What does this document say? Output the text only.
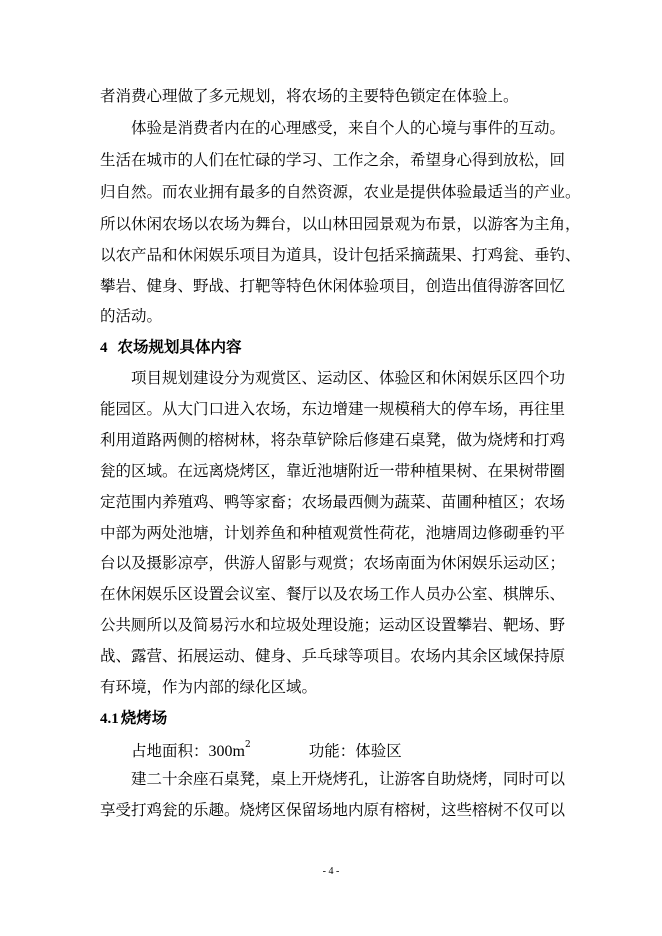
者消费心理做了多元规划，将农场的主要特色锁定在体验上。
体验是消费者内在的心理感受，来自个人的心境与事件的互动。
生活在城市的人们在忙碌的学习、工作之余，希望身心得到放松，回
归自然。而农业拥有最多的自然资源，农业是提供体验最适当的产业。
所以休闲农场以农场为舞台，以山林田园景观为布景，以游客为主角，
以农产品和休闲娱乐项目为道具，设计包括采摘蔬果、打鸡瓮、垂钓、
攀岩、健身、野战、打靶等特色休闲体验项目，创造出值得游客回忆
的活动。
4 农场规划具体内容
项目规划建设分为观赏区、运动区、体验区和休闲娱乐区四个功
能园区。从大门口进入农场，东边增建一规模稍大的停车场，再往里
利用道路两侧的榕树林，将杂草铲除后修建石桌凳，做为烧烤和打鸡
瓮的区域。在远离烧烤区，靠近池塘附近一带种植果树、在果树带圈
定范围内养殖鸡、鸭等家畜；农场最西侧为蔬菜、苗圃种植区；农场
中部为两处池塘，计划养鱼和种植观赏性荷花，池塘周边修砌垂钓平
台以及摄影凉亭，供游人留影与观赏；农场南面为休闲娱乐运动区；
在休闲娱乐区设置会议室、餐厅以及农场工作人员办公室、棋牌乐、
公共厕所以及简易污水和垃圾处理设施；运动区设置攀岩、靶场、野
战、露营、拓展运动、健身、乒乓球等项目。农场内其余区域保持原
有环境，作为内部的绿化区域。
4.1 烧烤场
占地面积：$300m^2$	功能：体验区
建二十余座石桌凳，桌上开烧烤孔，让游客自助烧烤，同时可以
享受打鸡瓮的乐趣。烧烤区保留场地内原有榕树，这些榕树不仅可以
- 4 -
